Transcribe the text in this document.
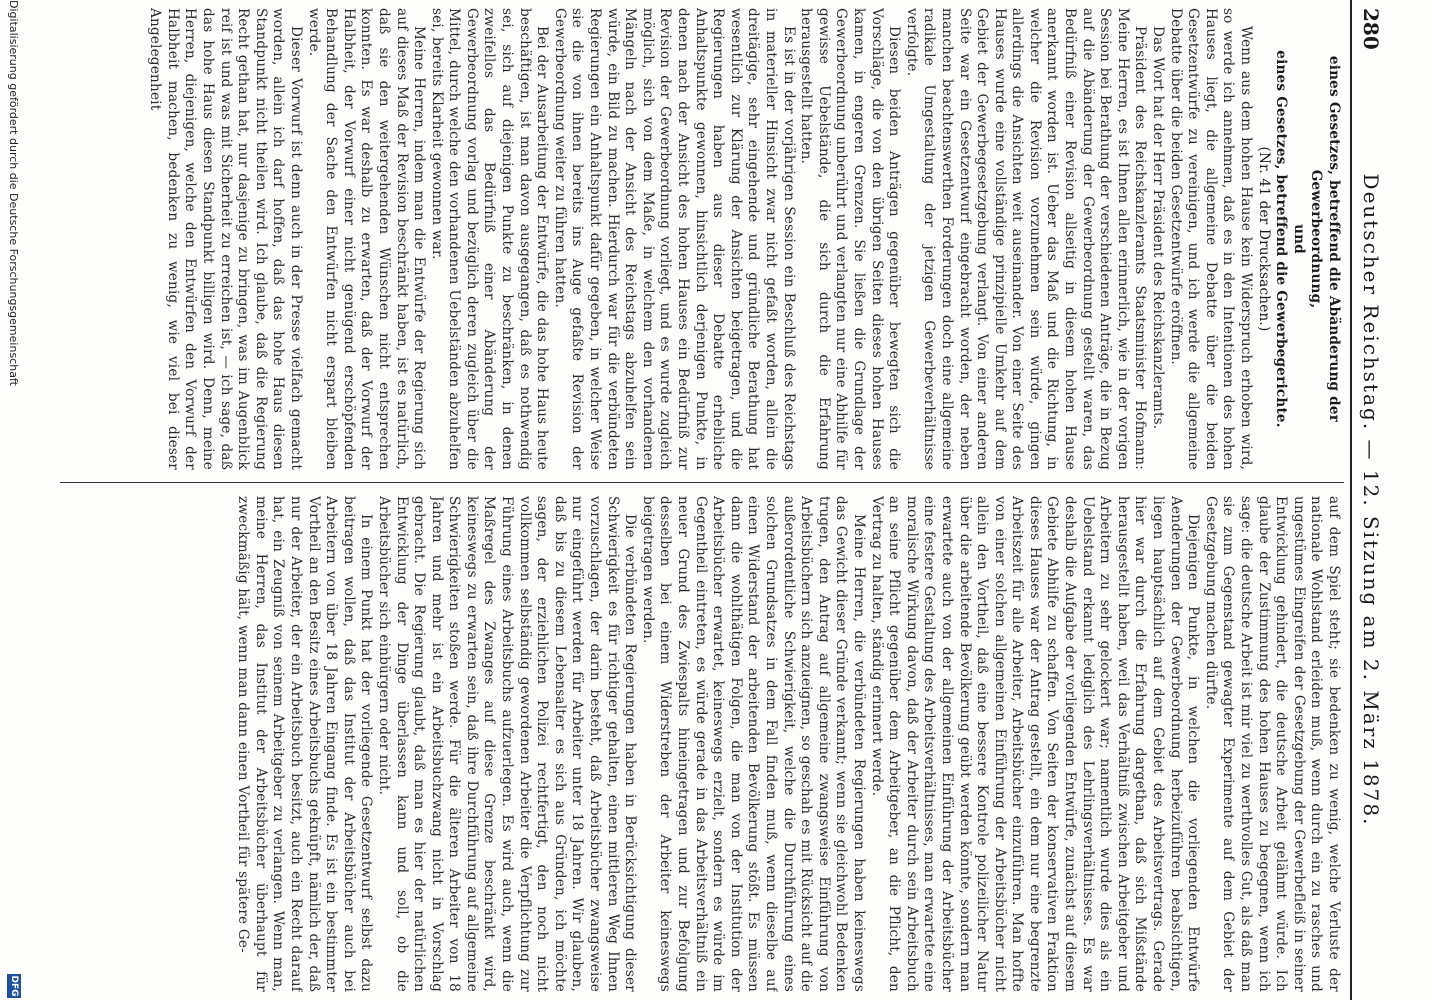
280
Deutscher Reichstag. — 12. Sitzung am 2. März 1878.

eines Gesetzes, betreffend die Abänderung der Gewerbeordnung,

und

eines Gesetzes, betreffend die Gewerbegerichte.

(Nr. 41 der Drucksachen.)

Wenn aus dem hohen Hause kein Widerspruch erhoben wird, so werde ich annehmen, daß es in den Intentionen des hohen Hauses liegt, die allgemeine Debatte über die beiden Gesetzentwürfe zu vereinigen, und ich werde die allgemeine Debatte über die beiden Gesetzentwürfe eröffnen.

Das Wort hat der Herr Präsident des Reichskanzleramts.

Präsident des Reichskanzleramts Staatsminister Hofmann: Meine Herren, es ist Ihnen allen erinnerlich, wie in der vorigen Session bei Berathung der verschiedenen Anträge, die in Bezug auf die Abänderung der Gewerbeordnung gestellt waren, das Bedürfniß einer Revision allseitig in diesem hohen Hause anerkannt worden ist. Ueber das Maß und die Richtung, in welcher die Revision vorzunehmen sein würde, gingen allerdings die Ansichten weit auseinander. Von einer Seite des Hauses wurde eine vollständige prinzipielle Umkehr auf dem Gebiet der Gewerbegesetzgebung verlangt. Von einer anderen Seite war ein Gesetzentwurf eingebracht worden, der neben manchen beachtenswerthen Forderungen doch eine allgemeine radikale Umgestaltung der jetzigen Gewerbeverhältnisse verfolgte.

Diesen beiden Anträgen gegenüber bewegten sich die Vorschläge, die von den übrigen Seiten dieses hohen Hauses kamen, in engeren Grenzen. Sie ließen die Grundlage der Gewerbeordnung unberührt und verlangten nur eine Abhilfe für gewisse Uebelstände, die sich durch die Erfahrung herausgestellt hatten.

Es ist in der vorjährigen Session ein Beschluß des Reichstags in materieller Hinsicht zwar nicht gefaßt worden, allein die dreitägige, sehr eingehende und gründliche Berathung hat wesentlich zur Klärung der Ansichten beigetragen, und die Regierungen haben aus dieser Debatte erhebliche Anhaltspunkte gewonnen, hinsichtlich derjenigen Punkte, in denen nach der Ansicht des hohen Hauses ein Bedürfniß zur Revision der Gewerbeordnung vorliegt, und es wurde zugleich möglich, sich von dem Maße, in welchem den vorhandenen Mängeln nach der Ansicht des Reichstags abzuhelfen sein würde, ein Bild zu machen. Hierdurch war für die verbündeten Regierungen ein Anhaltspunkt dafür gegeben, in welcher Weise sie die von ihnen bereits ins Auge gefaßte Revision der Gewerbeordnung weiter zu führen hatten.

Bei der Ausarbeitung der Entwürfe, die das hohe Haus heute beschäftigen, ist man davon ausgegangen, daß es nothwendig sei, sich auf diejenigen Punkte zu beschränken, in denen zweifellos das Bedürfniß einer Abänderung der Gewerbeordnung vorlag und bezüglich deren zugleich über die Mittel, durch welche den vorhandenen Uebelständen abzuhelfen sei, bereits Klarheit gewonnen war.

Meine Herren, indem man die Entwürfe der Regierung sich auf dieses Maß der Revision beschränkt haben, ist es natürlich, daß sie den weitergehenden Wünschen nicht entsprechen konnten. Es war deshalb zu erwarten, daß der Vorwurf der Halbheit, der Vorwurf einer nicht genügend erschöpfenden Behandlung der Sache den Entwürfen nicht erspart bleiben werde.

Dieser Vorwurf ist denn auch in der Presse vielfach gemacht worden, allein ich darf hoffen, daß das hohe Haus diesen Standpunkt nicht theilen wird. Ich glaube, daß die Regierung Recht gethan hat, nur dasjenige zu bringen, was im Augenblick reif ist und was mit Sicherheit zu erreichen ist, — ich sage, daß das hohe Haus diesen Standpunkt billigen wird. Denn, meine Herren, diejenigen, welche den Entwürfen den Vorwurf der Halbheit machen, bedenken zu wenig, wie viel bei dieser Angelegenheit

auf dem Spiel steht; sie bedenken zu wenig, welche Verluste der nationale Wohlstand erleiden muß, wenn durch ein zu rasches und ungestümes Eingreifen der Gesetzgebung der Gewerbefleiß in seiner Entwicklung gehindert, die deutsche Arbeit gelähmt würde. Ich glaube der Zustimmung des hohen Hauses zu begegnen, wenn ich sage: die deutsche Arbeit ist mir viel zu werthvolles Gut, als daß man sie zum Gegenstand gewagter Experimente auf dem Gebiet der Gesetzgebung machen dürfte.

Diejenigen Punkte, in welchen die vorliegenden Entwürfe Aenderungen der Gewerbeordnung herbeizuführen beabsichtigen, liegen hauptsächlich auf dem Gebiet des Arbeitsvertrags. Gerade hier war durch die Erfahrung dargethan, daß sich Mißstände herausgestellt haben, weil das Verhältniß zwischen Arbeitgeber und Arbeitern zu sehr gelockert war; namentlich wurde dies als ein Uebelstand erkannt lediglich des Lehrlingsverhältnisses. Es war deshalb die Aufgabe der vorliegenden Entwürfe, zunächst auf diesem Gebiete Abhilfe zu schaffen. Von Seiten der konservativen Fraktion dieses Hauses war der Antrag gestellt, ein dem nur eine begrenzte Arbeitszeit für alle Arbeiter, Arbeitsbücher einzuführen. Man hoffte von einer solchen allgemeinen Einführung der Arbeitsbücher nicht allein den Vortheil, daß eine bessere Kontrole polizeilicher Natur über die arbeitende Bevölkerung geübt werden könnte, sondern man erwartete auch von der allgemeinen Einführung der Arbeitsbücher eine festere Gestaltung des Arbeitsverhältnisses, man erwartete eine moralische Wirkung davon, daß der Arbeiter durch sein Arbeitsbuch an seine Pflicht gegenüber dem Arbeitgeber, an die Pflicht, den Vertrag zu halten, ständig erinnert werde.

Meine Herren, die verbündeten Regierungen haben keineswegs das Gewicht dieser Gründe verkannt; wenn sie gleichwohl Bedenken trugen, den Antrag auf allgemeine zwangsweise Einführung von Arbeitsbüchern sich anzueignen, so geschah es mit Rücksicht auf die außerordentliche Schwierigkeit, welche die Durchführung eines solchen Grundsatzes in dem Fall finden muß, wenn dieselbe auf einen Widerstand der arbeitenden Bevölkerung stößt. Es müssen dann die wohlthätigen Folgen, die man von der Institution der Arbeitsbücher erwartet, keineswegs erzielt, sondern es würde im Gegentheil eintreten, es würde gerade in das Arbeitsverhältniß ein neuer Grund des Zwiespalts hineingetragen und zur Befolgung desselben bei einem Widerstreben der Arbeiter keineswegs beigetragen werden.

Die verbündeten Regierungen haben in Berücksichtigung dieser Schwierigkeit es für richtiger gehalten, einen mittleren Weg Ihnen vorzuschlagen, der darin besteht, daß Arbeitsbücher zwangsweise nur eingeführt werden für Arbeiter unter 18 Jahren. Wir glauben, daß bis zu diesem Lebensalter es sich aus Gründen, ich möchte sagen, der erziehlichen Polizei rechtfertigt, den noch nicht vollkommen selbständig gewordenen Arbeiter die Verpflichtung zur Führung eines Arbeitsbuchs aufzuerlegen. Es wird auch, wenn die Maßregel des Zwanges auf diese Grenze beschränkt wird, keineswegs zu erwarten sein, daß ihre Durchführung auf allgemeine Schwierigkeiten stoßen werde. Für die älteren Arbeiter von 18 Jahren und mehr ist ein Arbeitsbuchzwang nicht in Vorschlag gebracht. Die Regierung glaubt, daß man es hier der natürlichen Entwicklung der Dinge überlassen kann und soll, ob die Arbeitsbücher sich einbürgern oder nicht.

In einem Punkt hat der vorliegende Gesetzentwurf selbst dazu beitragen wollen, daß das Institut der Arbeitsbücher auch bei Arbeitern von über 18 Jahren Eingang finde. Es ist ein bestimmter Vortheil an den Besitz eines Arbeitsbuchs geknüpft, nämlich der, daß nur der Arbeiter, der ein Arbeitsbuch besitzt, auch ein Recht darauf hat, ein Zeugniß von seinem Arbeitgeber zu verlangen. Wenn man, meine Herren, das Institut der Arbeitsbücher überhaupt für zweckmäßig hält, wenn man dann einen Vortheil für spätere Ge-

Digitalisierung gefördert durch die Deutsche Forschungsgemeinschaft
DFG
